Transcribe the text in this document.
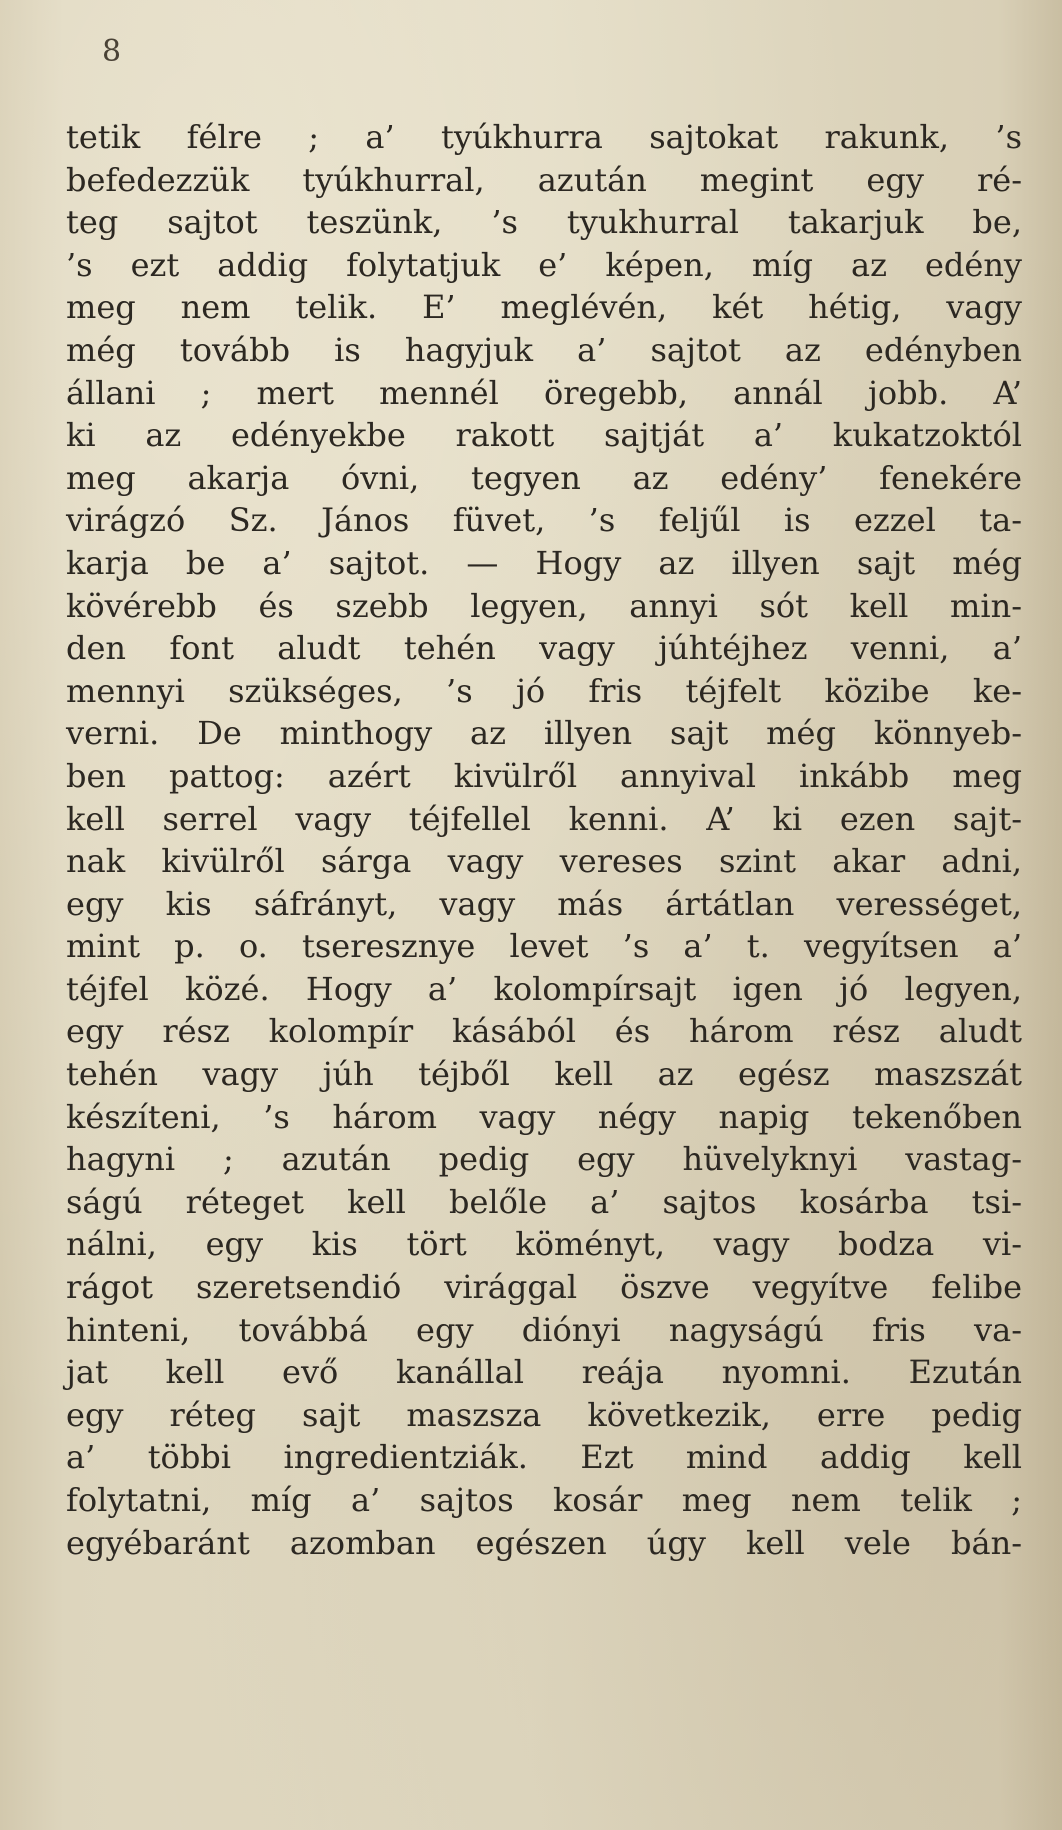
8
tetik félre ; a’ tyúkhurra sajtokat rakunk, ’s
befedezzük tyúkhurral, azután megint egy ré-
teg sajtot teszünk, ’s tyukhurral takarjuk be,
’s ezt addig folytatjuk e’ képen, míg az edény
meg nem telik. E’ meglévén, két hétig, vagy
még tovább is hagyjuk a’ sajtot az edényben
állani ; mert mennél öregebb, annál jobb. A’
ki az edényekbe rakott sajtját a’ kukatzoktól
meg akarja óvni, tegyen az edény’ fenekére
virágzó Sz. János füvet, ’s feljűl is ezzel ta-
karja be a’ sajtot. — Hogy az illyen sajt még
kövérebb és szebb legyen, annyi sót kell min-
den font aludt tehén vagy júhtéjhez venni, a’
mennyi szükséges, ’s jó fris téjfelt közibe ke-
verni. De minthogy az illyen sajt még könnyeb-
ben pattog: azért kivülről annyival inkább meg
kell serrel vagy téjfellel kenni. A’ ki ezen sajt-
nak kivülről sárga vagy vereses szint akar adni,
egy kis sáfrányt, vagy más ártátlan verességet,
mint p. o. tseresznye levet ’s a’ t. vegyítsen a’
téjfel közé. Hogy a’ kolompírsajt igen jó legyen,
egy rész kolompír kásából és három rész aludt
tehén vagy júh téjből kell az egész maszszát
készíteni, ’s három vagy négy napig tekenőben
hagyni ; azután pedig egy hüvelyknyi vastag-
ságú réteget kell belőle a’ sajtos kosárba tsi-
nálni, egy kis tört köményt, vagy bodza vi-
rágot szeretsendió virággal öszve vegyítve felibe
hinteni, továbbá egy diónyi nagyságú fris va-
jat kell evő kanállal reája nyomni. Ezután
egy réteg sajt maszsza következik, erre pedig
a’ többi ingredientziák. Ezt mind addig kell
folytatni, míg a’ sajtos kosár meg nem telik ;
egyébaránt azomban egészen úgy kell vele bán-
